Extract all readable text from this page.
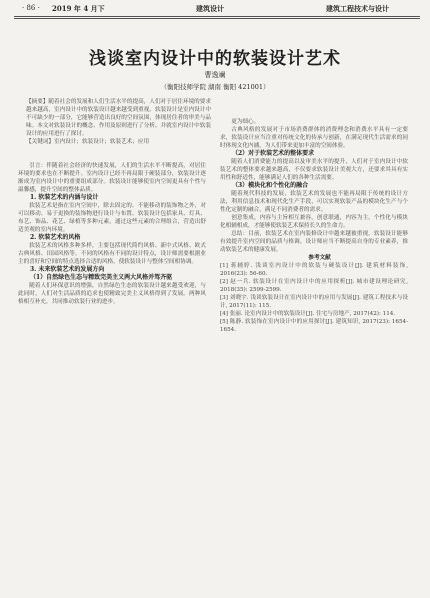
· 86 · 2019 年 4 月下	建筑设计	建筑工程技术与设计
浅谈室内设计中的软装设计艺术
曹逸斓
（衡阳技师学院 湖南 衡阳 421001）

【摘要】随着社会的发展和人们生活水平的提高，人们对于居住环境的要求越来越高，室内设计中的软装设计越来越受到重视。软装设计是室内设计中不可缺少的一部分，它能够营造出良好的空间氛围，体现居住者的审美与品味。本文对软装设计的概念、作用及原则进行了分析，并就室内设计中软装设计的应用进行了探讨。

【关键词】室内设计；软装设计；软装艺术；应用

引言：伴随着社会经济的快速发展，人们的生活水平不断提高，对居住环境的要求也在不断提升。室内设计已经不再局限于硬装部分，软装设计逐渐成为室内设计中的重要组成部分。软装设计能够使室内空间更具有个性与温馨感，提升空间的整体品质。

1. 软装艺术的内涵与设计

软装艺术是指在室内空间中，除去固定的、不能移动的装饰物之外，对可以移动、易于更换的装饰物进行设计与布置。软装设计包括家具、灯具、布艺、饰品、花艺、绿植等多种元素，通过这些元素的合理组合，营造出舒适美观的室内环境。

2. 软装艺术的风格

软装艺术的风格多种多样，主要包括现代简约风格、新中式风格、欧式古典风格、田园风格等。不同的风格有不同的设计特点，设计师需要根据业主的喜好和空间的特点选择合适的风格，使软装设计与整体空间相协调。

3. 未来软装艺术的发展方向

（1）自然绿色生态与精致完美主义两大风格并驾齐驱

随着人们环保意识的增强，自然绿色生态的软装设计越来越受欢迎，与此同时，人们对生活品质的追求也使精致完美主义风格得到了发展。两种风格相互补充，共同推动软装行业的进步。

更为细心。

古典风格的发展对于市场消费群体的消费理念和消费水平具有一定要求，软装设计应当注重对传统文化的传承与创新，在满足现代生活需求的同时体现文化内涵，为人们带来更加丰富的空间体验。

（2）对于软装艺术的整体要求

随着人们消费能力的提高以及审美水平的提升，人们对于室内设计中软装艺术的整体要求越来越高，不仅要求软装设计美观大方，还要求其具有实用性和舒适性，能够满足人们的各种生活需要。

（3）模块化和个性化的融合

随着现代科技的发展，软装艺术的发展也不能再局限于传统的设计方法，利用信息技术和现代化生产手段，可以实现软装产品的模块化生产与个性化定制的融合，满足不同消费者的需求。

创意集成，内容与主旨相互兼容，创意联通，内容为主，个性化与模块化相辅相成，才能够使软装艺术保持长久的生命力。

总结：目前，软装艺术在室内装修设计中越来越被重视，软装设计能够有效提升室内空间的品质与格调。设计师应当不断提高自身的专业素养，推动软装艺术的健康发展。

参考文献

[1] 蒋辅婷. 浅谈室内设计中的软装与硬装设计[J]. 建筑材料装饰, 2016(23): 56-60.

[2] 赵一兵. 软装设计在室内设计中的应用探析[J]. 城市建设理论研究, 2018(35): 2599-2599.

[3] 刘晓宇. 浅谈软装设计在室内设计中的应用与发展[J]. 建筑工程技术与设计, 2017(11): 115.

[4] 张丽. 论室内设计中的软装设计[J]. 住宅与房地产, 2017(42): 114.

[5] 陈静. 软装饰在室内设计中的应用探讨[J]. 建筑知识, 2017(23): 1654-1654.
